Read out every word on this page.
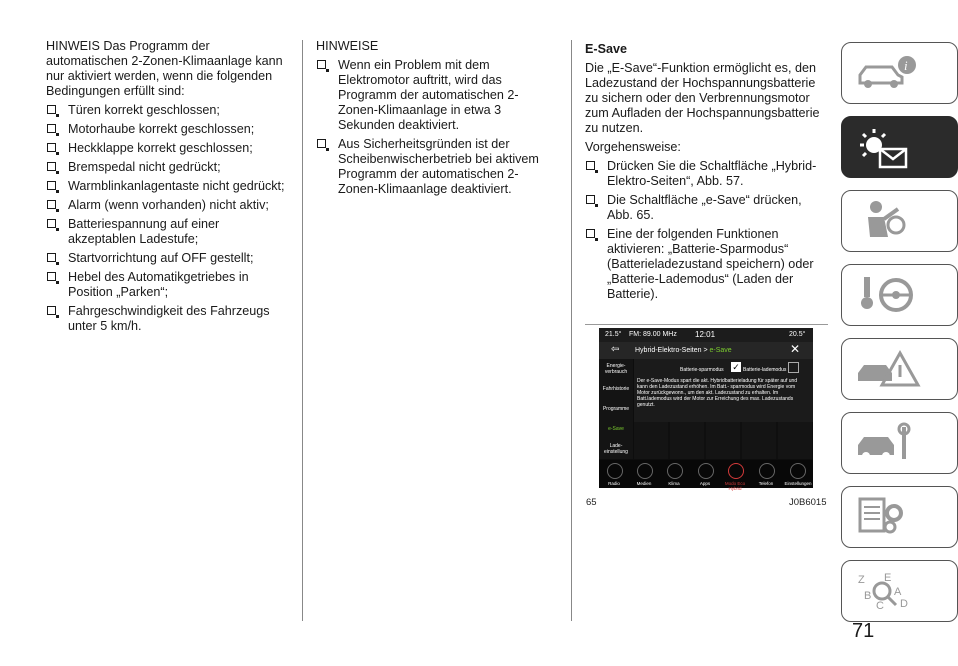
HINWEIS Das Programm der automatischen 2-Zonen-Klimaanlage kann nur aktiviert werden, wenn die folgenden Bedingungen erfüllt sind:

Türen korrekt geschlossen;
Motorhaube korrekt geschlossen;
Heckklappe korrekt geschlossen;
Bremspedal nicht gedrückt;
Warmblinkanlagentaste nicht gedrückt;
Alarm (wenn vorhanden) nicht aktiv;
Batteriespannung auf einer akzeptablen Ladestufe;
Startvorrichtung auf OFF gestellt;
Hebel des Automatikgetriebes in Position „Parken“;
Fahrgeschwindigkeit des Fahrzeugs unter 5 km/h.

HINWEISE

Wenn ein Problem mit dem Elektromotor auftritt, wird das Programm der automatischen 2-Zonen-Klimaanlage in etwa 3 Sekunden deaktiviert.
Aus Sicherheitsgründen ist der Scheibenwischerbetrieb bei aktivem Programm der automatischen 2-Zonen-Klimaanlage deaktiviert.

E-Save

Die „E-Save“-Funktion ermöglicht es, den Ladezustand der Hochspannungsbatterie zu sichern oder den Verbrennungsmotor zum Aufladen der Hochspannungsbatterie zu nutzen.

Vorgehensweise:

Drücken Sie die Schaltfläche „Hybrid-Elektro-Seiten“, Abb. 57.
Die Schaltfläche „e-Save“ drücken, Abb. 65.
Eine der folgenden Funktionen aktivieren: „Batterie-Sparmodus“ (Batterieladezustand speichern) oder „Batterie-Lademodus“ (Laden der Batterie).
21.5° FM: 89.00 MHz 12:01	20.5°
⇦ Hybrid-Elektro-Seiten > e-Save	✕
Energie-verbrauch
Fahrhistorie
Programme
e-Save
Lade-einstellung
Batterie-sparmodus ✓ Batterie-lademodus

Der e-Save-Modus spart die akt. Hybridbatterieladung für später auf und kann den Ladezustand erhöhen. Im Batt.- sparmodus wird Energie vom Motor zurückgewonn., um den akt. Ladezustand zu erhalten. Im Batt.lademodus wird der Motor zur Erreichung des max. Ladezustands genutzt.

Radio	Medien	Klima	Apps	Modo Eco Hybrid
Telefon	Einstellungen
65	J0B6015
i
Z E
B A
C D
71
